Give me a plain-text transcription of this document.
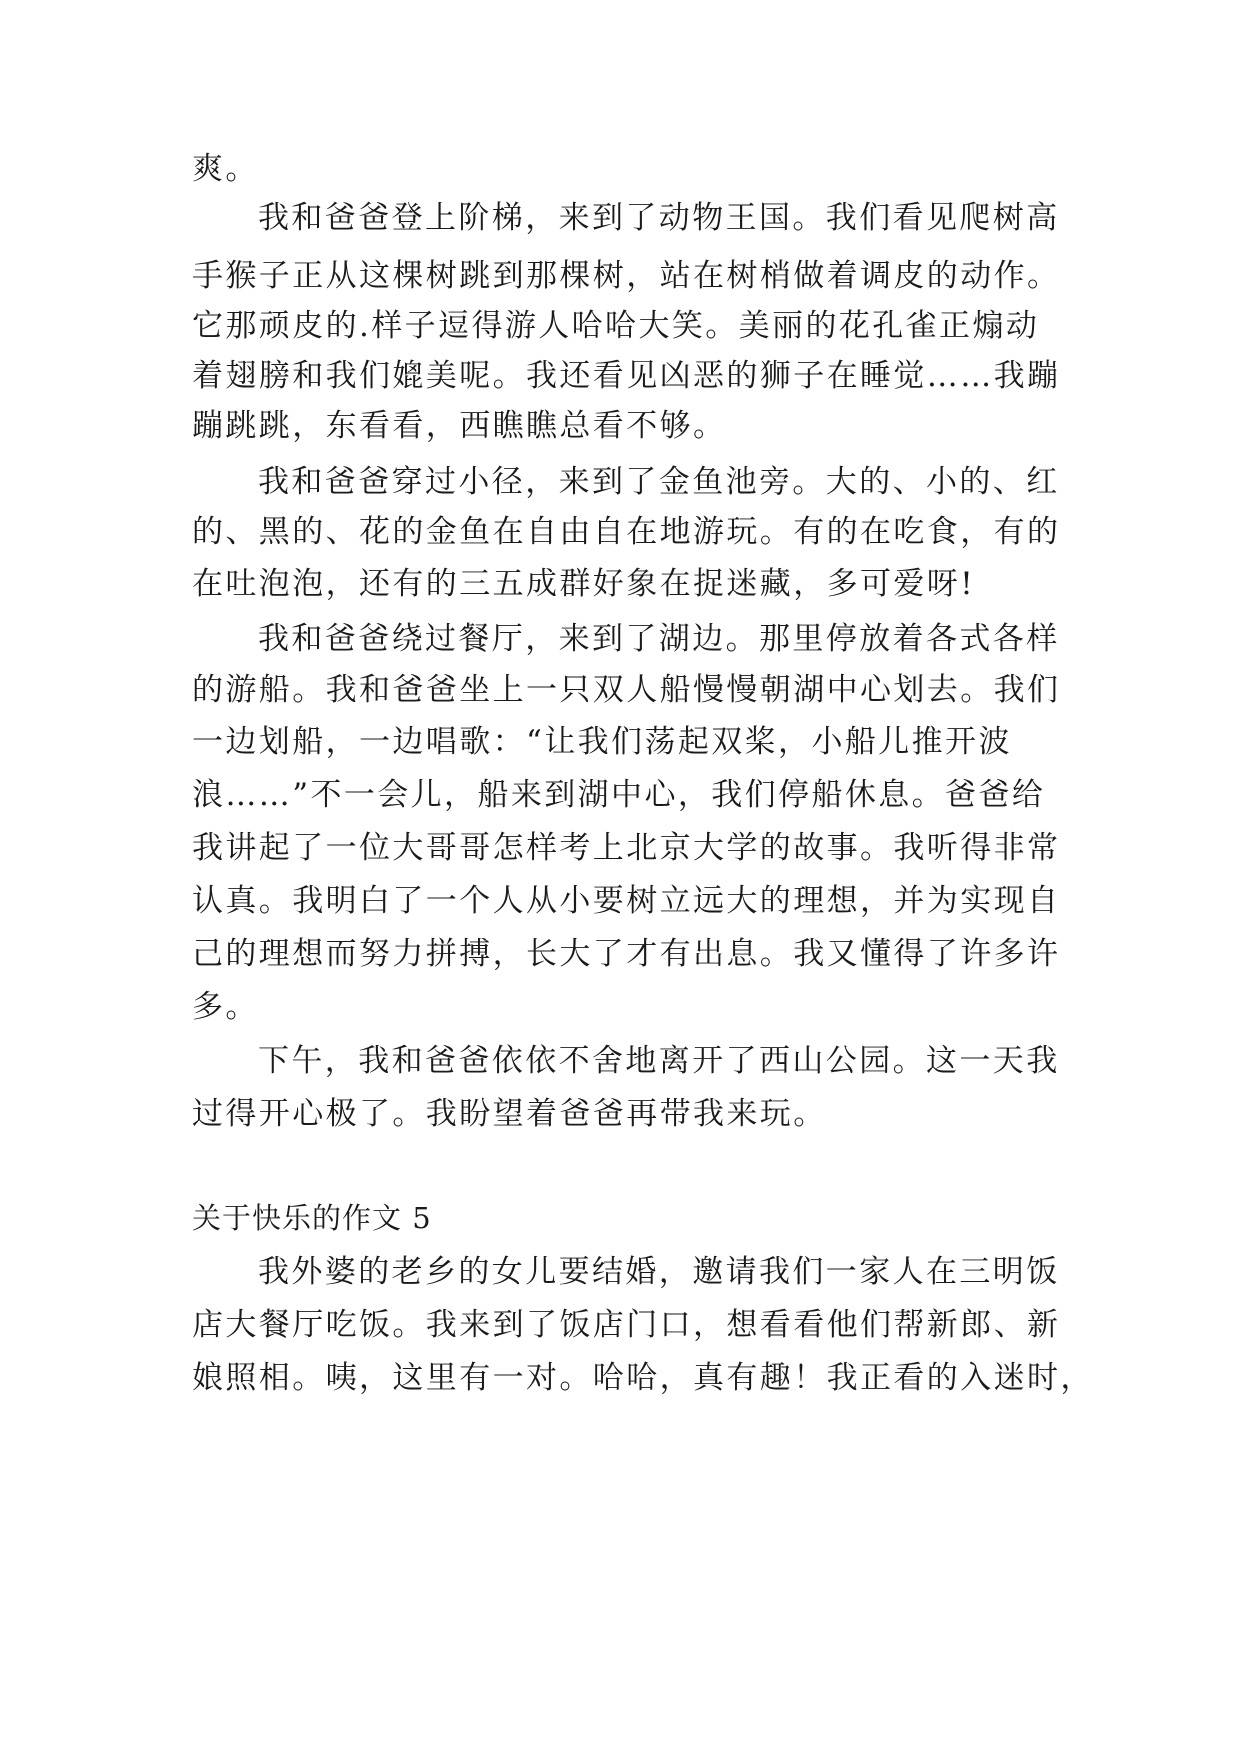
爽。
我和爸爸登上阶梯，来到了动物王国。我们看见爬树高
手猴子正从这棵树跳到那棵树，站在树梢做着调皮的动作。
它那顽皮的.样子逗得游人哈哈大笑。美丽的花孔雀正煽动
着翅膀和我们媲美呢。我还看见凶恶的狮子在睡觉……我蹦
蹦跳跳，东看看，西瞧瞧总看不够。
我和爸爸穿过小径，来到了金鱼池旁。大的、小的、红
的、黑的、花的金鱼在自由自在地游玩。有的在吃食，有的
在吐泡泡，还有的三五成群好象在捉迷藏，多可爱呀!
我和爸爸绕过餐厅，来到了湖边。那里停放着各式各样
的游船。我和爸爸坐上一只双人船慢慢朝湖中心划去。我们
一边划船，一边唱歌：“让我们荡起双桨，小船儿推开波
浪……”不一会儿，船来到湖中心，我们停船休息。爸爸给
我讲起了一位大哥哥怎样考上北京大学的故事。我听得非常
认真。我明白了一个人从小要树立远大的理想，并为实现自
己的理想而努力拼搏，长大了才有出息。我又懂得了许多许
多。
下午，我和爸爸依依不舍地离开了西山公园。这一天我
过得开心极了。我盼望着爸爸再带我来玩。
关于快乐的作文 5
我外婆的老乡的女儿要结婚，邀请我们一家人在三明饭
店大餐厅吃饭。我来到了饭店门口，想看看他们帮新郎、新
娘照相。咦，这里有一对。哈哈，真有趣！我正看的入迷时，
